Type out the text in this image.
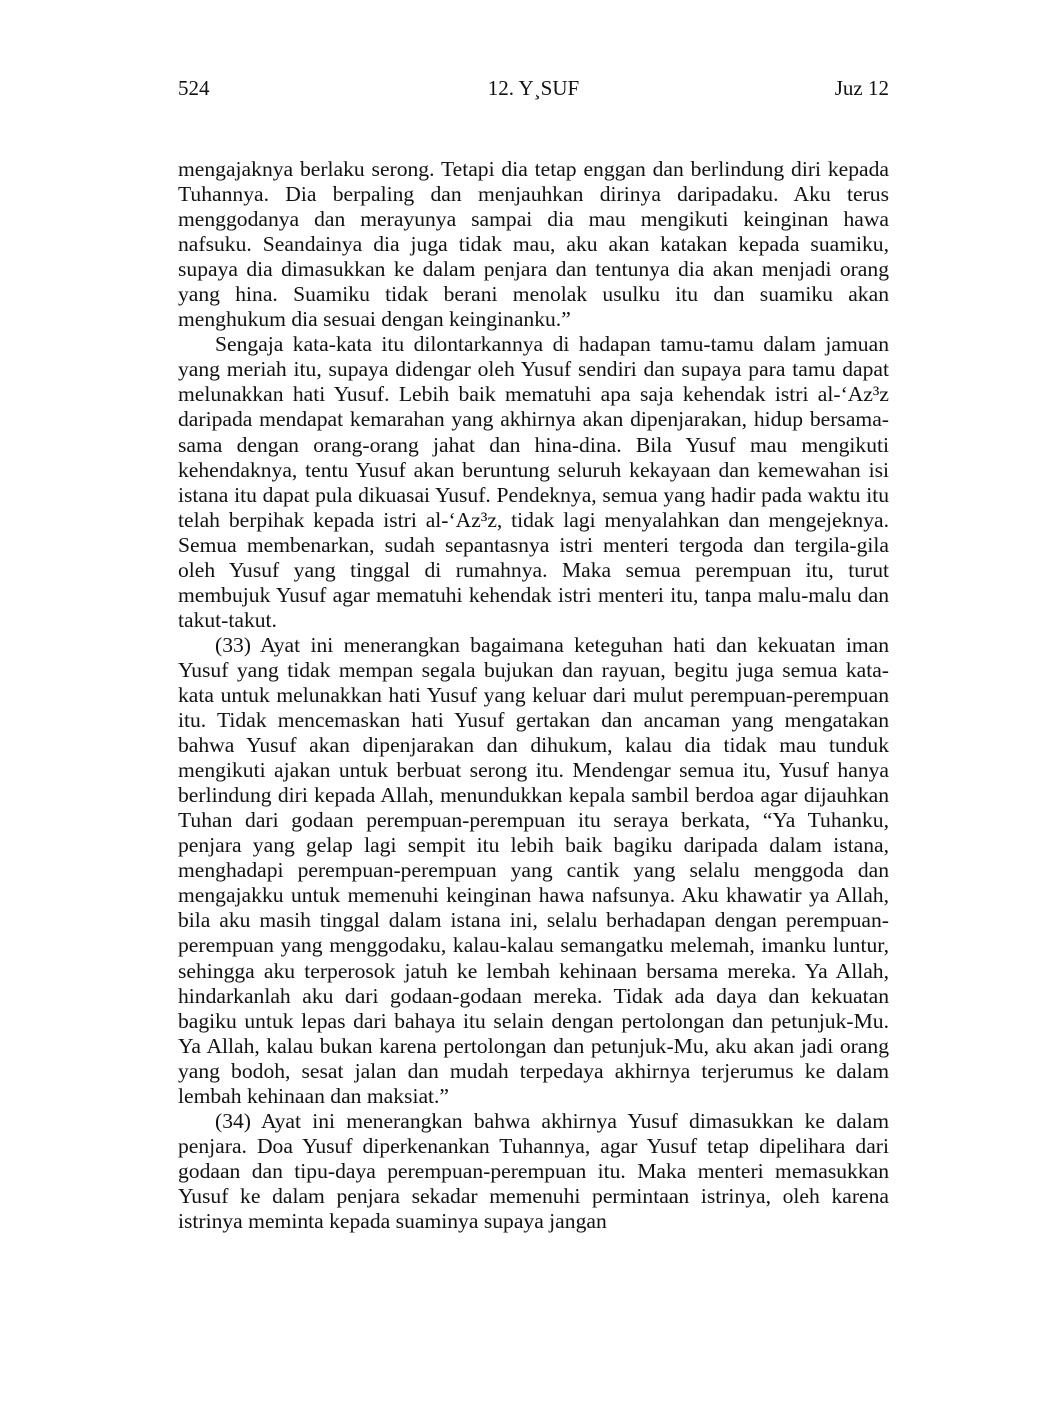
524	12. Y¸SUF	Juz 12

mengajaknya berlaku serong. Tetapi dia tetap enggan dan berlindung diri kepada Tuhannya. Dia berpaling dan menjauhkan dirinya daripadaku. Aku terus menggodanya dan merayunya sampai dia mau mengikuti keinginan hawa nafsuku. Seandainya dia juga tidak mau, aku akan katakan kepada suamiku, supaya dia dimasukkan ke dalam penjara dan tentunya dia akan menjadi orang yang hina. Suamiku tidak berani menolak usulku itu dan suamiku akan menghukum dia sesuai dengan keinginanku.”

Sengaja kata-kata itu dilontarkannya di hadapan tamu-tamu dalam jamuan yang meriah itu, supaya didengar oleh Yusuf sendiri dan supaya para tamu dapat melunakkan hati Yusuf. Lebih baik mematuhi apa saja kehendak istri al-‘Az³z daripada mendapat kemarahan yang akhirnya akan dipenjarakan, hidup bersama-sama dengan orang-orang jahat dan hina-dina. Bila Yusuf mau mengikuti kehendaknya, tentu Yusuf akan beruntung seluruh kekayaan dan kemewahan isi istana itu dapat pula dikuasai Yusuf. Pendeknya, semua yang hadir pada waktu itu telah berpihak kepada istri al-‘Az³z, tidak lagi menyalahkan dan mengejeknya. Semua membenarkan, sudah sepantasnya istri menteri tergoda dan tergila-gila oleh Yusuf yang tinggal di rumahnya. Maka semua perempuan itu, turut membujuk Yusuf agar mematuhi kehendak istri menteri itu, tanpa malu-malu dan takut-takut.

(33) Ayat ini menerangkan bagaimana keteguhan hati dan kekuatan iman Yusuf yang tidak mempan segala bujukan dan rayuan, begitu juga semua kata-kata untuk melunakkan hati Yusuf yang keluar dari mulut perempuan-perempuan itu. Tidak mencemaskan hati Yusuf gertakan dan ancaman yang mengatakan bahwa Yusuf akan dipenjarakan dan dihukum, kalau dia tidak mau tunduk mengikuti ajakan untuk berbuat serong itu. Mendengar semua itu, Yusuf hanya berlindung diri kepada Allah, menundukkan kepala sambil berdoa agar dijauhkan Tuhan dari godaan perempuan-perempuan itu seraya berkata, “Ya Tuhanku, penjara yang gelap lagi sempit itu lebih baik bagiku daripada dalam istana, menghadapi perempuan-perempuan yang cantik yang selalu menggoda dan mengajakku untuk memenuhi keinginan hawa nafsunya. Aku khawatir ya Allah, bila aku masih tinggal dalam istana ini, selalu berhadapan dengan perempuan-perempuan yang menggodaku, kalau-kalau semangatku melemah, imanku luntur, sehingga aku terperosok jatuh ke lembah kehinaan bersama mereka. Ya Allah, hindarkanlah aku dari godaan-godaan mereka. Tidak ada daya dan kekuatan bagiku untuk lepas dari bahaya itu selain dengan pertolongan dan petunjuk-Mu. Ya Allah, kalau bukan karena pertolongan dan petunjuk-Mu, aku akan jadi orang yang bodoh, sesat jalan dan mudah terpedaya akhirnya terjerumus ke dalam lembah kehinaan dan maksiat.”

(34) Ayat ini menerangkan bahwa akhirnya Yusuf dimasukkan ke dalam penjara. Doa Yusuf diperkenankan Tuhannya, agar Yusuf tetap dipelihara dari godaan dan tipu-daya perempuan-perempuan itu. Maka menteri memasukkan Yusuf ke dalam penjara sekadar memenuhi permintaan istrinya, oleh karena istrinya meminta kepada suaminya supaya jangan
